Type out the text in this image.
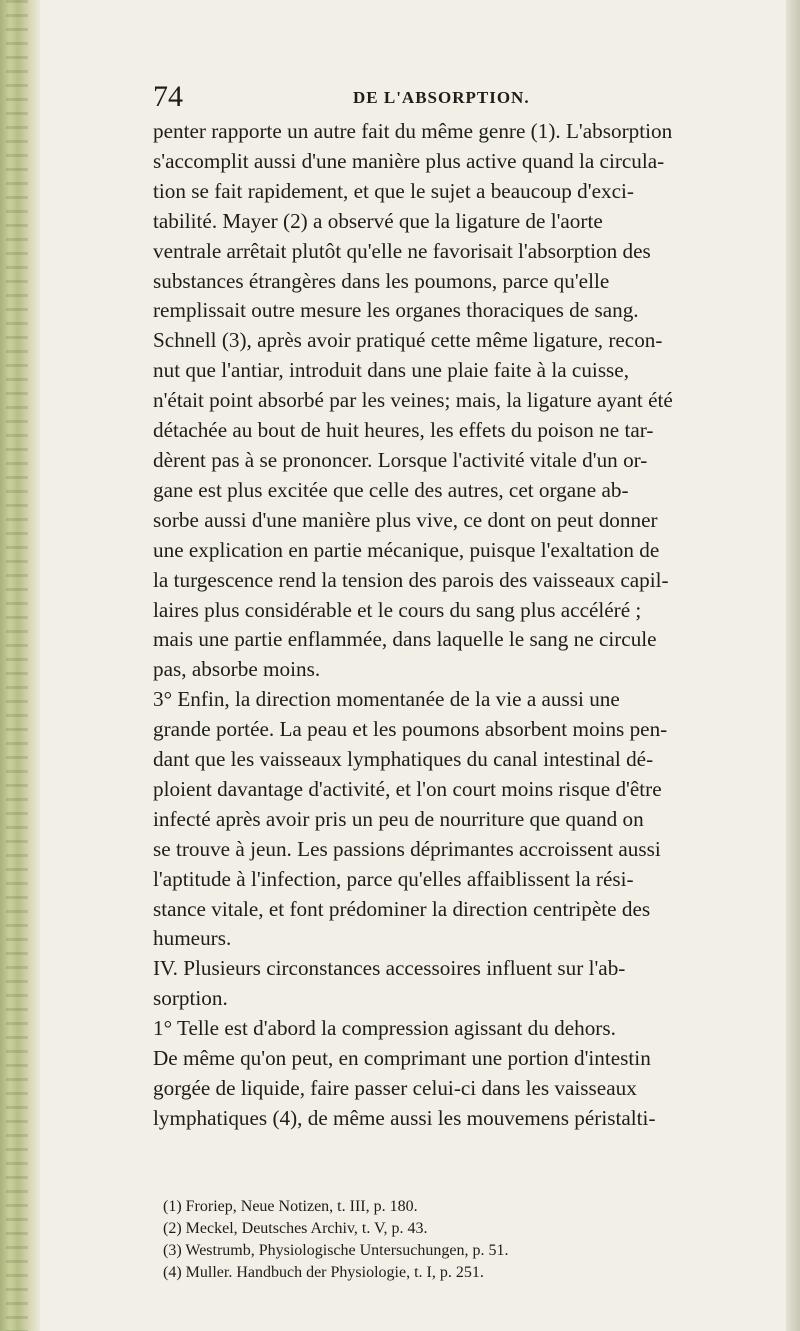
74	DE L'ABSORPTION.
penter rapporte un autre fait du même genre (1). L'absorption
s'accomplit aussi d'une manière plus active quand la circula-
tion se fait rapidement, et que le sujet a beaucoup d'exci-
tabilité. Mayer (2) a observé que la ligature de l'aorte
ventrale arrêtait plutôt qu'elle ne favorisait l'absorption des
substances étrangères dans les poumons, parce qu'elle
remplissait outre mesure les organes thoraciques de sang.
Schnell (3), après avoir pratiqué cette même ligature, recon-
nut que l'antiar, introduit dans une plaie faite à la cuisse,
n'était point absorbé par les veines; mais, la ligature ayant été
détachée au bout de huit heures, les effets du poison ne tar-
dèrent pas à se prononcer. Lorsque l'activité vitale d'un or-
gane est plus excitée que celle des autres, cet organe ab-
sorbe aussi d'une manière plus vive, ce dont on peut donner
une explication en partie mécanique, puisque l'exaltation de
la turgescence rend la tension des parois des vaisseaux capil-
laires plus considérable et le cours du sang plus accéléré ;
mais une partie enflammée, dans laquelle le sang ne circule
pas, absorbe moins.
3° Enfin, la direction momentanée de la vie a aussi une
grande portée. La peau et les poumons absorbent moins pen-
dant que les vaisseaux lymphatiques du canal intestinal dé-
ploient davantage d'activité, et l'on court moins risque d'être
infecté après avoir pris un peu de nourriture que quand on
se trouve à jeun. Les passions déprimantes accroissent aussi
l'aptitude à l'infection, parce qu'elles affaiblissent la rési-
stance vitale, et font prédominer la direction centripète des
humeurs.
IV. Plusieurs circonstances accessoires influent sur l'ab-
sorption.
1° Telle est d'abord la compression agissant du dehors.
De même qu'on peut, en comprimant une portion d'intestin
gorgée de liquide, faire passer celui-ci dans les vaisseaux
lymphatiques (4), de même aussi les mouvemens péristalti-
(1) Froriep, Neue Notizen, t. III, p. 180.
(2) Meckel, Deutsches Archiv, t. V, p. 43.
(3) Westrumb, Physiologische Untersuchungen, p. 51.
(4) Muller. Handbuch der Physiologie, t. I, p. 251.
